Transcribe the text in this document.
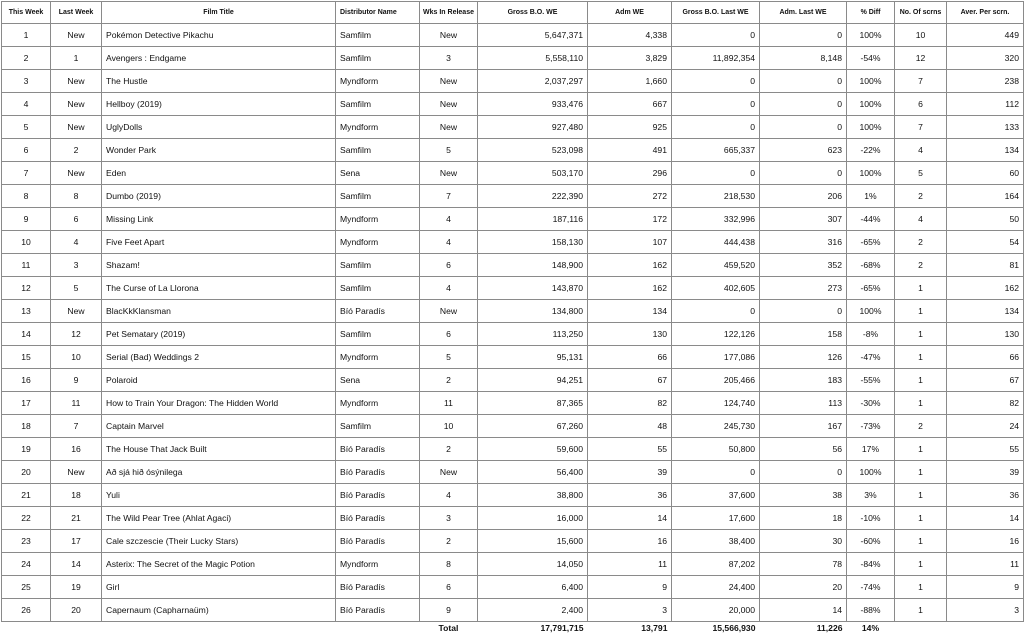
This Week	Last Week	Film Title	Distributor Name	Wks In Release	Gross B.O. WE	Adm WE	Gross B.O. Last WE	Adm. Last WE	% Diff	No. Of scrns	Aver. Per scrn.
1	New	Pokémon Detective Pikachu	Samfilm	New	5,647,371	4,338	0	0	100%	10	449
2	1	Avengers : Endgame	Samfilm	3	5,558,110	3,829	11,892,354	8,148	-54%	12	320
3	New	The Hustle	Myndform	New	2,037,297	1,660	0	0	100%	7	238
4	New	Hellboy (2019)	Samfilm	New	933,476	667	0	0	100%	6	112
5	New	UglyDolls	Myndform	New	927,480	925	0	0	100%	7	133
6	2	Wonder Park	Samfilm	5	523,098	491	665,337	623	-22%	4	134
7	New	Eden	Sena	New	503,170	296	0	0	100%	5	60
8	8	Dumbo (2019)	Samfilm	7	222,390	272	218,530	206	1%	2	164
9	6	Missing Link	Myndform	4	187,116	172	332,996	307	-44%	4	50
10	4	Five Feet Apart	Myndform	4	158,130	107	444,438	316	-65%	2	54
11	3	Shazam!	Samfilm	6	148,900	162	459,520	352	-68%	2	81
12	5	The Curse of La Llorona	Samfilm	4	143,870	162	402,605	273	-65%	1	162
13	New	BlacKkKlansman	Bíó Paradís	New	134,800	134	0	0	100%	1	134
14	12	Pet Sematary (2019)	Samfilm	6	113,250	130	122,126	158	-8%	1	130
15	10	Serial (Bad) Weddings 2	Myndform	5	95,131	66	177,086	126	-47%	1	66
16	9	Polaroid	Sena	2	94,251	67	205,466	183	-55%	1	67
17	11	How to Train Your Dragon: The Hidden World	Myndform	11	87,365	82	124,740	113	-30%	1	82
18	7	Captain Marvel	Samfilm	10	67,260	48	245,730	167	-73%	2	24
19	16	The House That Jack Built	Bíó Paradís	2	59,600	55	50,800	56	17%	1	55
20	New	Að sjá hið ósýnilega	Bíó Paradís	New	56,400	39	0	0	100%	1	39
21	18	Yuli	Bíó Paradís	4	38,800	36	37,600	38	3%	1	36
22	21	The Wild Pear Tree (Ahlat Agaci)	Bíó Paradís	3	16,000	14	17,600	18	-10%	1	14
23	17	Cale szczescie (Their Lucky Stars)	Bíó Paradís	2	15,600	16	38,400	30	-60%	1	16
24	14	Asterix: The Secret of the Magic Potion	Myndform	8	14,050	11	87,202	78	-84%	1	11
25	19	Girl	Bíó Paradís	6	6,400	9	24,400	20	-74%	1	9
26	20	Capernaum (Capharnaüm)	Bíó Paradís	9	2,400	3	20,000	14	-88%	1	3
				Total	17,791,715	13,791	15,566,930	11,226	14%		
